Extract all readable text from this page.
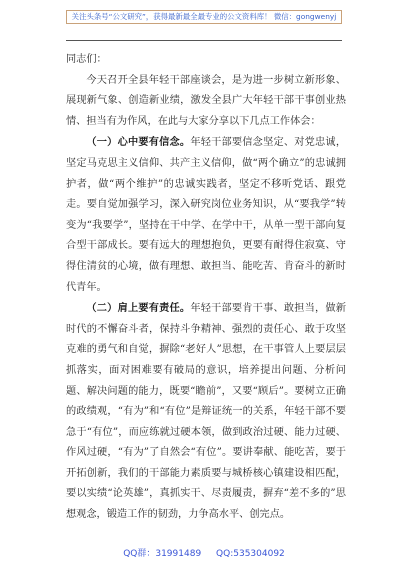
关注头条号“公文研究”，获得最新最全最专业的公文资料库！ 微信：gongwenyj

同志们：

今天召开全县年轻干部座谈会，是为进一步树立新形象、展现新气象、创造新业绩，激发全县广大年轻干部干事创业热情、担当有为作风，在此与大家分享以下几点工作体会：

（一）心中要有信念。年轻干部要信念坚定、对党忠诚，坚定马克思主义信仰、共产主义信仰，做“两个确立”的忠诚拥护者，做“两个维护”的忠诚实践者，坚定不移听党话、跟党走。要自觉加强学习，深入研究岗位业务知识，从“要我学”转变为“我要学”，坚持在干中学、在学中干，从单一型干部向复合型干部成长。要有远大的理想抱负，更要有耐得住寂寞、守得住清贫的心境，做有理想、敢担当、能吃苦、肯奋斗的新时代青年。

（二）肩上要有责任。年轻干部要肯干事、敢担当，做新时代的不懈奋斗者，保持斗争精神、强烈的责任心、敢于攻坚克难的勇气和自觉，摒除“老好人”思想，在干事管人上要层层抓落实，面对困难要有破局的意识，培养提出问题、分析问题、解决问题的能力，既要“瞻前”，又要“顾后”。要树立正确的政绩观，“有为”和“有位”是辩证统一的关系，年轻干部不要急于“有位”，而应练就过硬本领，做到政治过硬、能力过硬、作风过硬，“有为”了自然会“有位”。要讲奉献、能吃苦，要于开拓创新，我们的干部能力素质要与城桥核心镇建设相匹配，要以实绩“论英雄”，真抓实干、尽责履责，摒弃“差不多的”思想观念，锻造工作的韧劲，力争高水平、创完点。

QQ群：31991489 QQ:535304092
